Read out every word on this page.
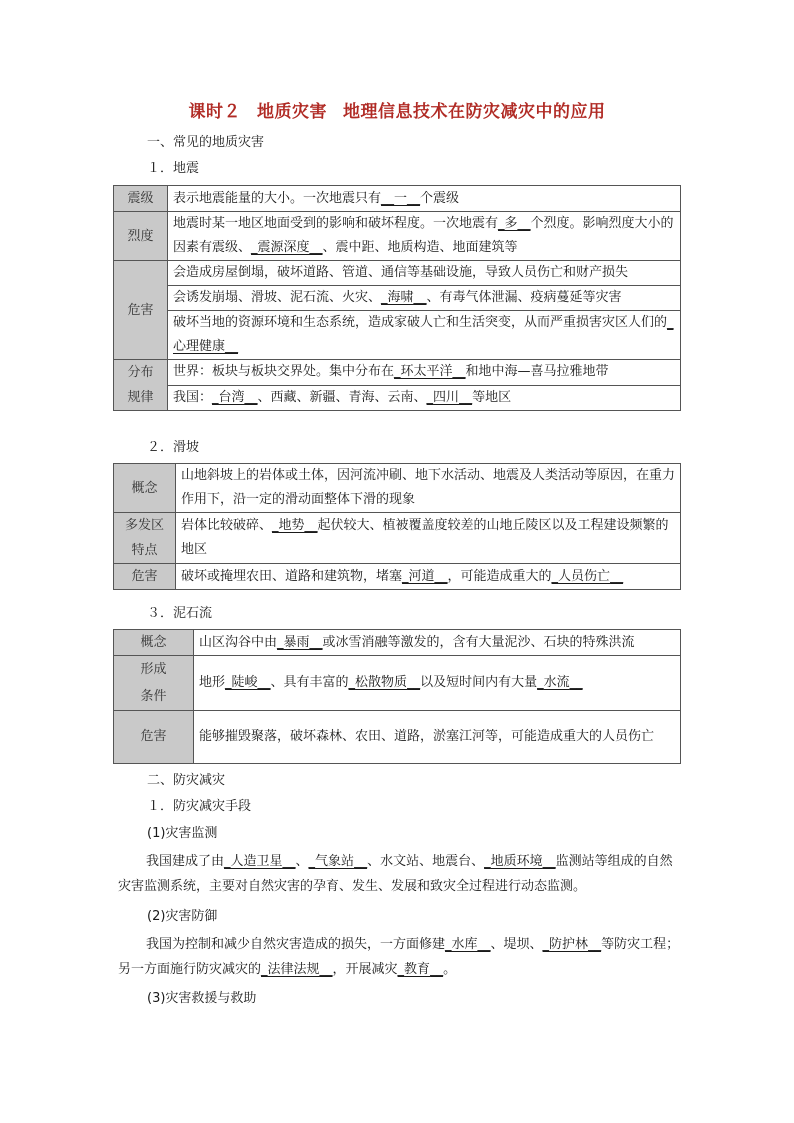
课时２ 地质灾害 地理信息技术在防灾减灾中的应用
一、常见的地质灾害
１．地震
震级	表示地震能量的大小。一次地震只有__一__个震级
烈度	地震时某一地区地面受到的影响和破坏程度。一次地震有_多__个烈度。影响烈度大小的因素有震级、_震源深度__、震中距、地质构造、地面建筑等
危害	会造成房屋倒塌，破坏道路、管道、通信等基础设施，导致人员伤亡和财产损失
	会诱发崩塌、滑坡、泥石流、火灾、_海啸__、有毒气体泄漏、疫病蔓延等灾害
	破坏当地的资源环境和生态系统，造成家破人亡和生活突变，从而严重损害灾区人们的_心理健康__
分布
规律	世界：板块与板块交界处。集中分布在_环太平洋__和地中海—喜马拉雅地带
	我国：_台湾__、西藏、新疆、青海、云南、_四川__等地区
２．滑坡
概念	山地斜坡上的岩体或土体，因河流冲刷、地下水活动、地震及人类活动等原因，在重力作用下，沿一定的滑动面整体下滑的现象
多发区
特点	岩体比较破碎、_地势__起伏较大、植被覆盖度较差的山地丘陵区以及工程建设频繁的地区
危害	破坏或掩埋农田、道路和建筑物，堵塞_河道__，可能造成重大的_人员伤亡__
３．泥石流
概念	山区沟谷中由_暴雨__或冰雪消融等激发的，含有大量泥沙、石块的特殊洪流
形成
条件	地形_陡峻__、具有丰富的_松散物质__以及短时间内有大量_水流__
危害	能够摧毁聚落，破坏森林、农田、道路，淤塞江河等，可能造成重大的人员伤亡
二、防灾减灾
１．防灾减灾手段
(1)灾害监测
我国建成了由_人造卫星__、_气象站__、水文站、地震台、_地质环境__监测站等组成的自然灾害监测系统，主要对自然灾害的孕育、发生、发展和致灾全过程进行动态监测。
(2)灾害防御
我国为控制和减少自然灾害造成的损失，一方面修建_水库__、堤坝、_防护林__等防灾工程；另一方面施行防灾减灾的_法律法规__，开展减灾_教育__。
(3)灾害救援与救助
